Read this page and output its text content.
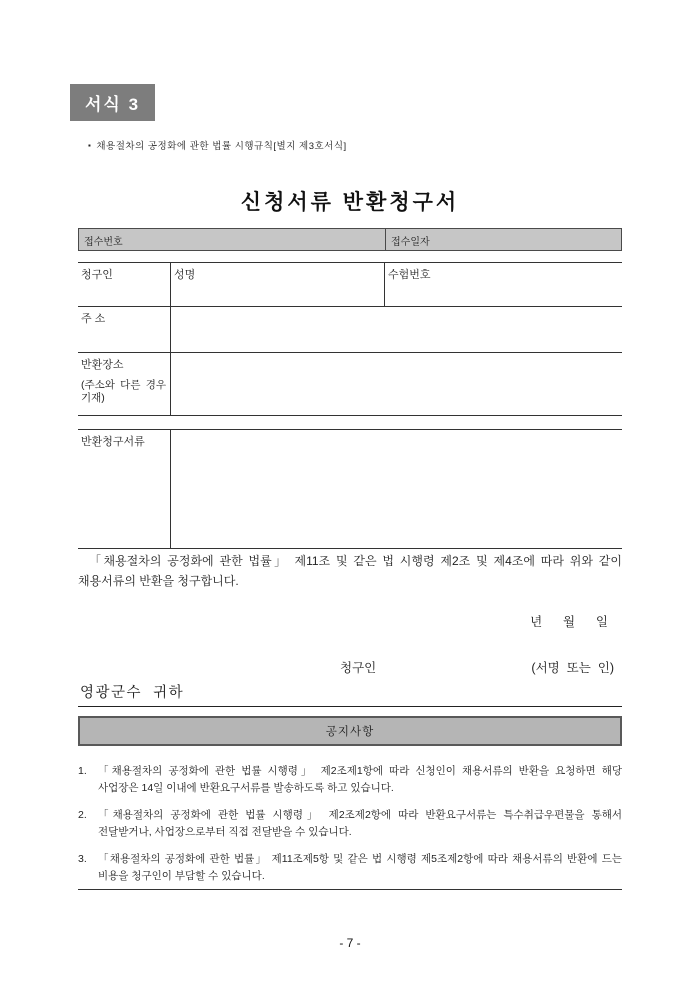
서식 3
▪ 채용절차의 공정화에 관한 법률 시행규칙[별지 제3호서식]
신청서류 반환청구서
접수번호	접수일자
청구인	성명	수험번호
주 소
반환장소
(주소와 다른 경우 기재)
반환청구서류
「채용절차의 공정화에 관한 법률」 제11조 및 같은 법 시행령 제2조 및 제4조에 따라 위와 같이 채용서류의 반환을 청구합니다.
년      월      일
청구인	(서명  또는  인)
영광군수  귀하
공지사항
1.	「채용절차의 공정화에 관한 법률 시행령」 제2조제1항에 따라 신청인이 채용서류의 반환을 요청하면 해당 사업장은 14일 이내에 반환요구서류를 발송하도록 하고 있습니다.
2.	「채용절차의 공정화에 관한 법률 시행령」 제2조제2항에 따라 반환요구서류는 특수취급우편물을 통해서 전달받거나, 사업장으로부터 직접 전달받을 수 있습니다.
3.	「채용절차의 공정화에 관한 법률」 제11조제5항 및 같은 법 시행령 제5조제2항에 따라 채용서류의 반환에 드는 비용을 청구인이 부담할 수 있습니다.
- 7 -
